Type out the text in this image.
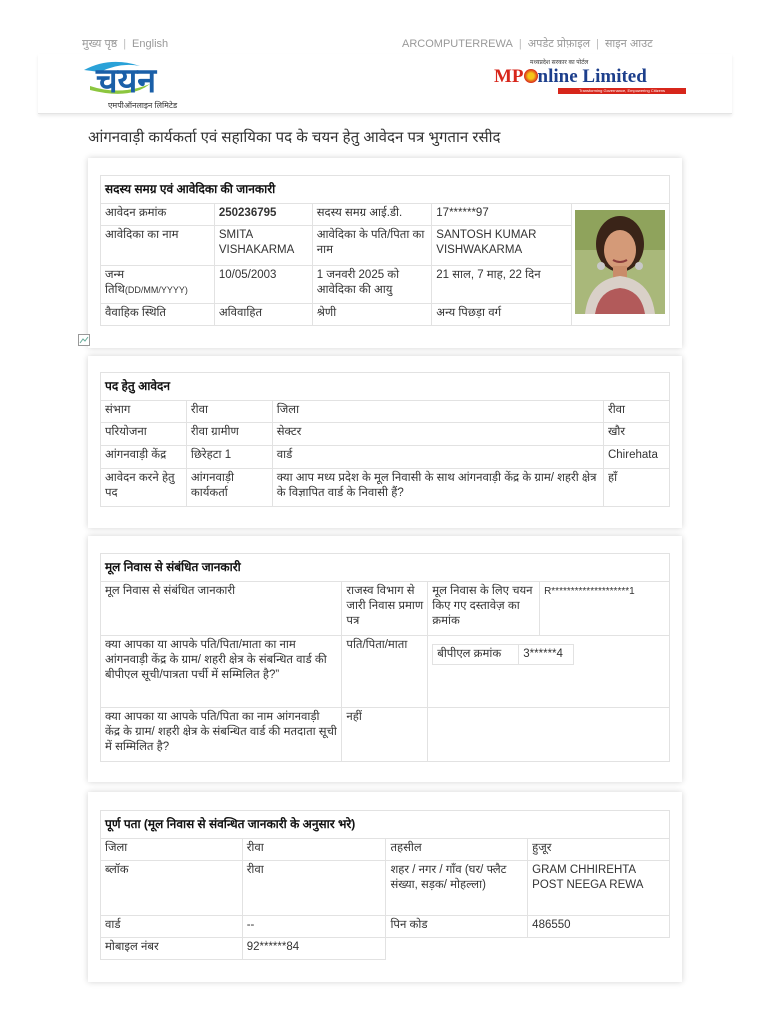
मुख्य पृष्ठ | English	ARCOMPUTERREWA | अपडेट प्रोफ़ाइल | साइन आउट
चयन
एमपीऑनलाइन लिमिटेड
मध्यप्रदेश सरकार का पोर्टल
MP nline Limited
Transforming Governance, Empowering Citizens
आंगनवाड़ी कार्यकर्ता एवं सहायिका पद के चयन हेतु आवेदन पत्र भुगतान रसीद
सदस्य समग्र एवं आवेदिका की जानकारी				
आवेदन क्रमांक	250236795	सदस्य समग्र आई.डी.	17******97	

आवेदिका का नाम	SMITA VISHAKARMA	आवेदिका के पति/पिता का नाम	SANTOSH KUMAR VISHWAKARMA	
जन्म तिथि(DD/MM/YYYY)	10/05/2003	1 जनवरी 2025 को आवेदिका की आयु	21 साल, 7 माह, 22 दिन	
वैवाहिक स्थिति	अविवाहित	श्रेणी	अन्य पिछड़ा वर्ग	
पद हेतु आवेदन			
संभाग	रीवा	जिला	रीवा
परियोजना	रीवा ग्रामीण	सेक्टर	खौर
आंगनवाड़ी केंद्र	छिरेहटा 1	वार्ड	Chirehata
आवेदन करने हेतु पद	आंगनवाड़ी कार्यकर्ता	क्या आप मध्य प्रदेश के मूल निवासी के साथ आंगनवाड़ी केंद्र के ग्राम/ शहरी क्षेत्र के विज्ञापित वार्ड के निवासी हैं?	हाँ
मूल निवास से संबंधित जानकारी
मूल निवास से संबंधित जानकारी	राजस्व विभाग से जारी निवास प्रमाण पत्र	मूल निवास के लिए चयन किए गए दस्तावेज़ का क्रमांक	R********************1
क्या आपका या आपके पति/पिता/माता का नाम आंगनवाड़ी केंद्र के ग्राम/ शहरी क्षेत्र के संबन्धित वार्ड की बीपीएल सूची/पात्रता पर्ची में सम्मिलित है?”	पति/पिता/माता	
बीपीएल क्रमांक	3******4

क्या आपका या आपके पति/पिता का नाम आंगनवाड़ी केंद्र के ग्राम/ शहरी क्षेत्र के संबन्धित वार्ड की मतदाता सूची में सम्मिलित है?	नहीं	
पूर्ण पता (मूल निवास से संवन्धित जानकारी के अनुसार भरे)			
जिला	रीवा	तहसील	हुजूर
ब्लॉक	रीवा	शहर / नगर / गाँव (घर/ फ्लैट संख्या, सड़क/ मोहल्ला)	GRAM CHHIREHTA POST NEEGA REWA
वार्ड	--	पिन कोड	486550
मोबाइल नंबर	92******84		
